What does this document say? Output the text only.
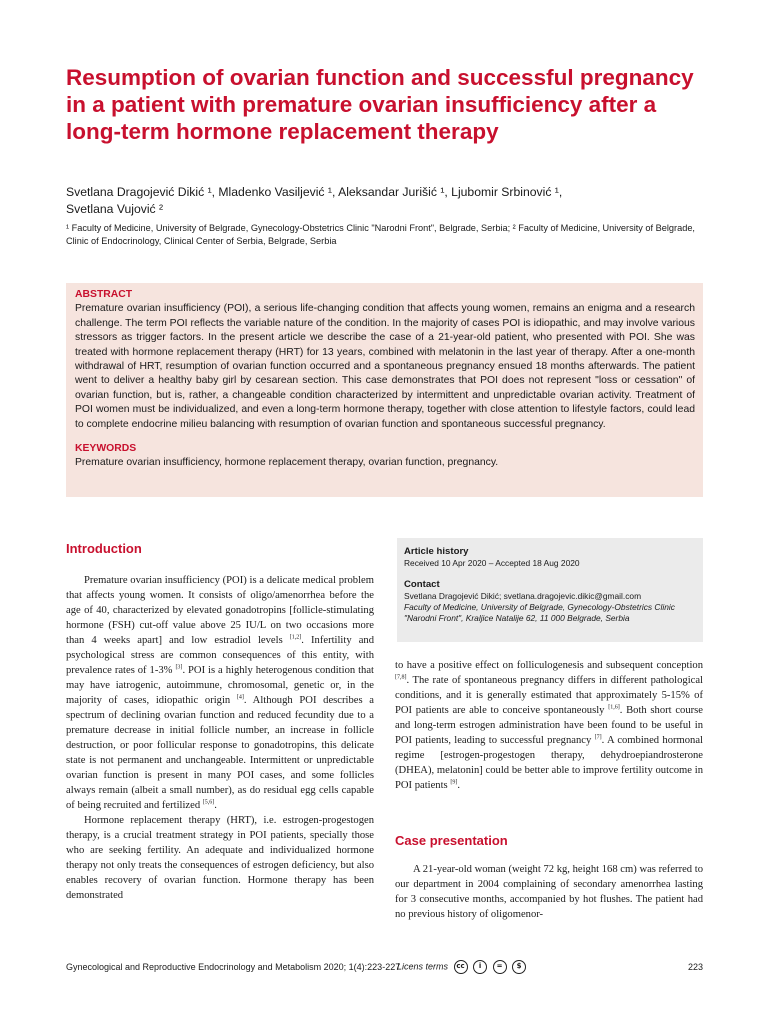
Resumption of ovarian function and successful pregnancy in a patient with premature ovarian insufficiency after a long-term hormone replacement therapy
Svetlana Dragojević Dikić ¹, Mladenko Vasiljević ¹, Aleksandar Jurišić ¹, Ljubomir Srbinović ¹,
Svetlana Vujović ²
¹ Faculty of Medicine, University of Belgrade, Gynecology-Obstetrics Clinic "Narodni Front", Belgrade, Serbia; ² Faculty of Medicine, University of Belgrade, Clinic of Endocrinology, Clinical Center of Serbia, Belgrade, Serbia
ABSTRACT
Premature ovarian insufficiency (POI), a serious life-changing condition that affects young women, remains an enigma and a research challenge. The term POI reflects the variable nature of the condition. In the majority of cases POI is idiopathic, and may involve various stressors as trigger factors. In the present article we describe the case of a 21-year-old patient, who presented with POI. She was treated with hormone replacement therapy (HRT) for 13 years, combined with melatonin in the last year of therapy. After a one-month withdrawal of HRT, resumption of ovarian function occurred and a spontaneous pregnancy ensued 18 months afterwards. The patient went to deliver a healthy baby girl by cesarean section. This case demonstrates that POI does not represent "loss or cessation" of ovarian function, but is, rather, a changeable condition characterized by intermittent and unpredictable ovarian activity. Treatment of POI women must be individualized, and even a long-term hormone therapy, together with close attention to lifestyle factors, could lead to complete endocrine milieu balancing with resumption of ovarian function and spontaneous successful pregnancy.
KEYWORDS
Premature ovarian insufficiency, hormone replacement therapy, ovarian function, pregnancy.
Introduction

Premature ovarian insufficiency (POI) is a delicate medical problem that affects young women. It consists of oligo/amenorrhea before the age of 40, characterized by elevated gonadotropins [follicle-stimulating hormone (FSH) cut-off value above 25 IU/L on two occasions more than 4 weeks apart] and low estradiol levels [1,2]. Infertility and psychological stress are common consequences of this entity, with prevalence rates of 1-3% [3]. POI is a highly heterogenous condition that may have iatrogenic, autoimmune, chromosomal, genetic or, in the majority of cases, idiopathic origin [4]. Although POI describes a spectrum of declining ovarian function and reduced fecundity due to a premature decrease in initial follicle number, an increase in follicle destruction, or poor follicular response to gonadotropins, this delicate state is not permanent and unchangeable. Intermittent or unpredictable ovarian function is present in many POI cases, and some follicles always remain (albeit a small number), as do residual egg cells capable of being recruited and fertilized [5,6].

Hormone replacement therapy (HRT), i.e. estrogen-progestogen therapy, is a crucial treatment strategy in POI patients, specially those who are seeking fertility. An adequate and individualized hormone therapy not only treats the consequences of estrogen deficiency, but also enables recovery of ovarian function. Hormone therapy has been demonstrated

Article history
Received 10 Apr 2020 – Accepted 18 Aug 2020
Contact
Svetlana Dragojević Dikić; svetlana.dragojevic.dikic@gmail.com
Faculty of Medicine, University of Belgrade, Gynecology-Obstetrics Clinic "Narodni Front", Kraljice Natalije 62, 11 000 Belgrade, Serbia

to have a positive effect on folliculogenesis and subsequent conception [7,8]. The rate of spontaneous pregnancy differs in different pathological conditions, and it is generally estimated that approximately 5-15% of POI patients are able to conceive spontaneously [1,6]. Both short course and long-term estrogen administration have been found to be useful in POI patients, leading to successful pregnancy [7]. A combined hormonal regime [estrogen-progestogen therapy, dehydroepiandrosterone (DHEA), melatonin] could be better able to improve fertility outcome in POI patients [9].

Case presentation

A 21-year-old woman (weight 72 kg, height 168 cm) was referred to our department in 2004 complaining of secondary amenorrhea lasting for 3 consecutive months, accompanied by hot flushes. The patient had no previous history of oligomenor-

Gynecological and Reproductive Endocrinology and Metabolism 2020; 1(4):223-227
Licens terms cc i = $	223
